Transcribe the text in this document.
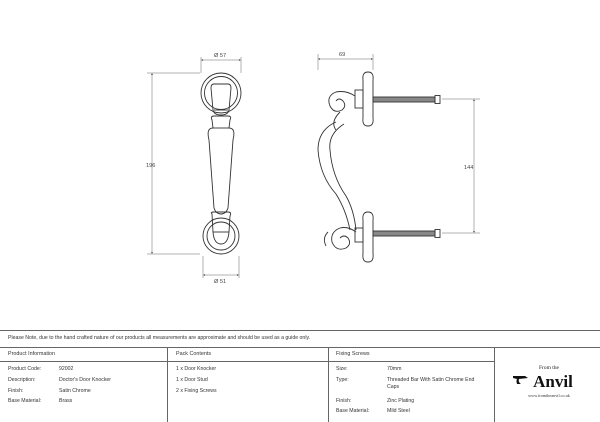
Ø 57
196
Ø 51
69
144
Please Note, due to the hand crafted nature of our products all measurements are approximate and should be used as a guide only.
Product Information
Product Code:	92002
Description:	Doctor's Door Knocker
Finish:	Satin Chrome
Base Material:	Brass
Pack Contents
1 x Door Knocker
1 x Door Stud
2 x Fixing Screws
Fixing Screws
Size:	70mm
Type:	Threaded Bar With Satin Chrome End Caps
Finish:	Zinc Plating
Base Material:	Mild Steel
From the
Anvil
www.fromtheanvil.co.uk
